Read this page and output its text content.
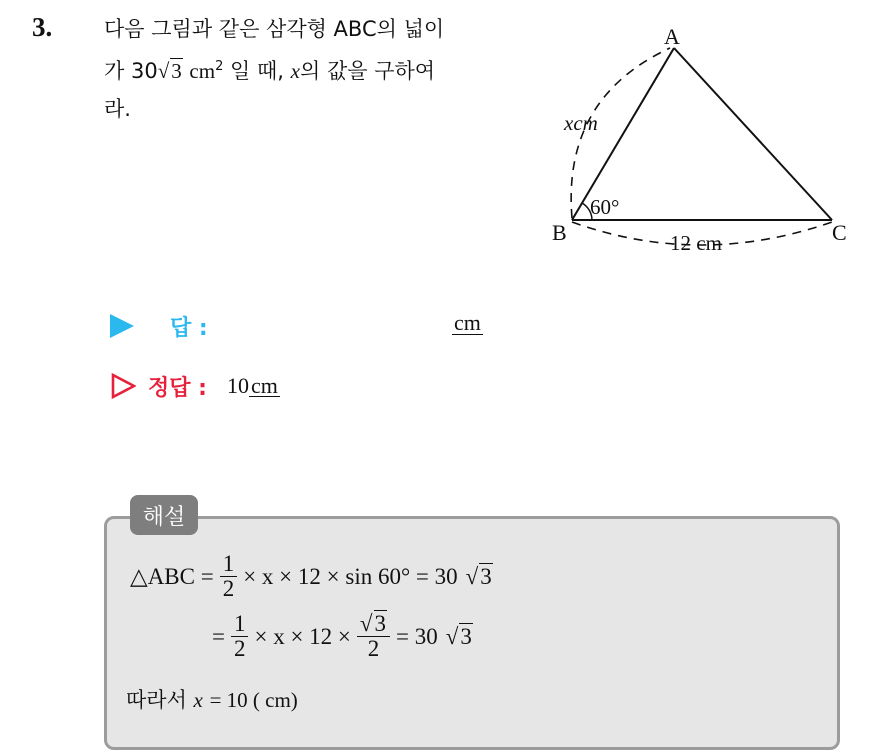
3. 다음 그림과 같은 삼각형 ABC의 넓이
가 30√3 $cm^2$ 일 때, x의 값을 구하여
라.
A
B	C
xcm
60°
12 cm
답 :	cm
정답 : 10cm
해설
△ABC = $\frac{1}{2} \times x \times 12 \times \sin 60^\circ = 30$ √ 3
= $\frac{1}{2} \times x \times 12 \times \frac{√3}{2} = 30$ √ 3
따라서 x = 10 ( cm)
